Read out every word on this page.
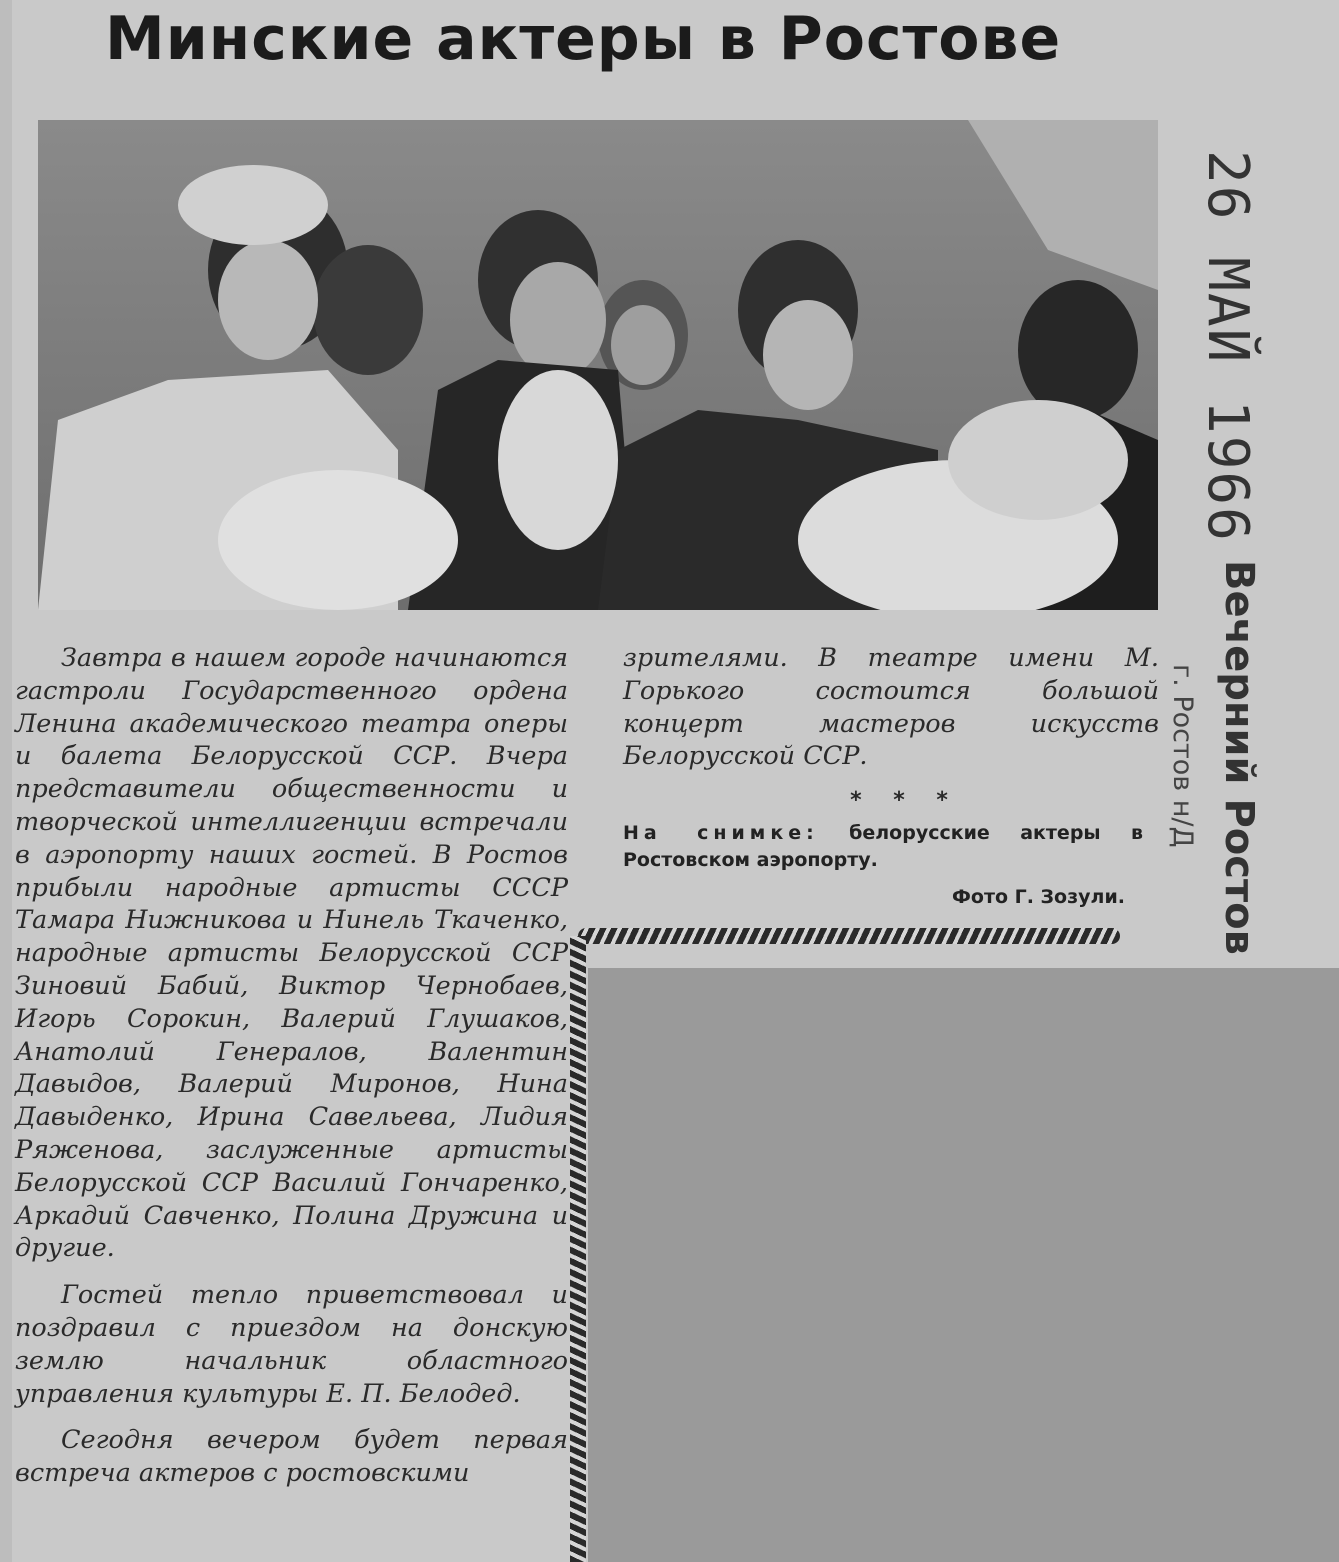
Минские актеры в Ростове

Завтра в нашем городе начинаются гастроли Государственного ордена Ленина академического театра оперы и балета Белорусской ССР. Вчера представители общественности и творческой интеллигенции встречали в аэропорту наших гостей. В Ростов прибыли народные артисты СССР Тамара Нижникова и Нинель Ткаченко, народные артисты Белорусской ССР Зиновий Бабий, Виктор Чернобаев, Игорь Сорокин, Валерий Глушаков, Анатолий Генералов, Валентин Давыдов, Валерий Миронов, Нина Давыденко, Ирина Савельева, Лидия Ряженова, заслуженные артисты Белорусской ССР Василий Гончаренко, Аркадий Савченко, Полина Дружина и другие.

Гостей тепло приветствовал и поздравил с приездом на донскую землю начальник областного управления культуры Е. П. Белодед.

Сегодня вечером будет первая встреча актеров с ростовскими

зрителями. В театре имени М. Горького состоится большой концерт мастеров искусств Белорусской ССР.

* * *
На снимке: белорусские актеры в Ростовском аэропорту.
Фото Г. Зозули.
26 МАЙ 1966
Вечерний Ростов
г. Ростов н/Д
